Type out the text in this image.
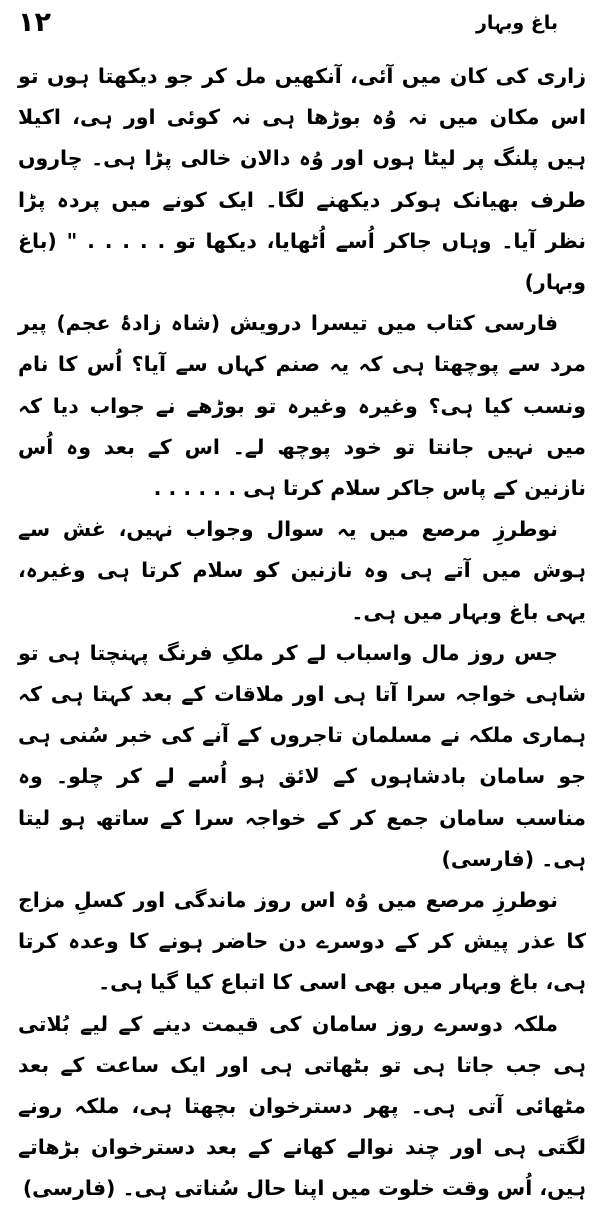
۱۲	باغ وبہار

زاری کی کان میں آئی، آنکھیں مل کر جو دیکھتا ہوں تو اس مکان میں نہ وُہ بوڑھا ہی نہ کوئی اور ہی، اکیلا ہیں پلنگ پر لیٹا ہوں اور وُہ دالان خالی پڑا ہی۔ چاروں طرف بھیانک ہوکر دیکھنے لگا۔ ایک کونے میں پردہ پڑا نظر آیا۔ وہاں جاکر اُسے اُٹھایا، دیکھا تو . . . . . " (باغ وبہار)

فارسی کتاب میں تیسرا درویش (شاہ زادۂ عجم) پیر مرد سے پوچھتا ہی کہ یہ صنم کہاں سے آیا؟ اُس کا نام ونسب کیا ہی؟ وغیرہ وغیرہ تو بوڑھے نے جواب دیا کہ میں نہیں جانتا تو خود پوچھ لے۔ اس کے بعد وہ اُس نازنین کے پاس جاکر سلام کرتا ہی . . . . . .

نوطرزِ مرصع میں یہ سوال وجواب نہیں، غش سے ہوش میں آتے ہی وہ نازنین کو سلام کرتا ہی وغیرہ، یہی باغ وبہار میں ہی۔

جس روز مال واسباب لے کر ملکِ فرنگ پہنچتا ہی تو شاہی خواجہ سرا آتا ہی اور ملاقات کے بعد کہتا ہی کہ ہماری ملکہ نے مسلمان تاجروں کے آنے کی خبر سُنی ہی جو سامان بادشاہوں کے لائق ہو اُسے لے کر چلو۔ وہ مناسب سامان جمع کر کے خواجہ سرا کے ساتھ ہو لیتا ہی۔ (فارسی)

نوطرزِ مرصع میں وُہ اس روز ماندگی اور کسلِ مزاج کا عذر پیش کر کے دوسرے دن حاضر ہونے کا وعدہ کرتا ہی، باغ وبہار میں بھی اسی کا اتباع کیا گیا ہی۔

ملکہ دوسرے روز سامان کی قیمت دینے کے لیے بُلاتی ہی جب جاتا ہی تو بٹھاتی ہی اور ایک ساعت کے بعد مٹھائی آتی ہی۔ پھر دسترخوان بچھتا ہی، ملکہ رونے لگتی ہی اور چند نوالے کھانے کے بعد دسترخوان بڑھاتے ہیں، اُس وقت خلوت میں اپنا حال سُناتی ہی۔ (فارسی)
